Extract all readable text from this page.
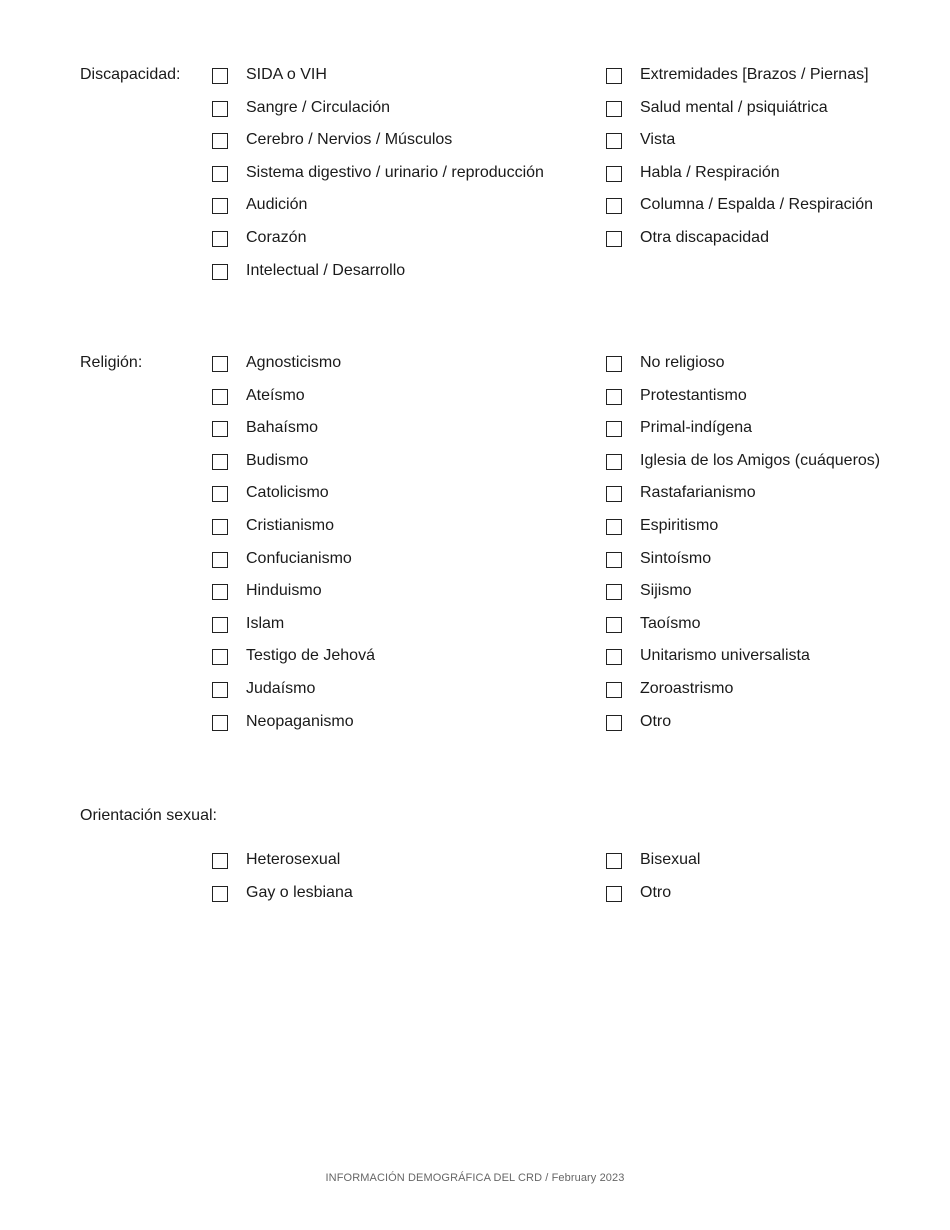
Discapacidad:	SIDA o VIH
Sangre / Circulación
Cerebro / Nervios / Músculos
Sistema digestivo / urinario / reproducción
Audición
Corazón
Intelectual / Desarrollo
Extremidades [Brazos / Piernas]
Salud mental / psiquiátrica
Vista
Habla / Respiración
Columna / Espalda / Respiración
Otra discapacidad
Religión:	Agnosticismo
Ateísmo
Bahaísmo
Budismo
Catolicismo
Cristianismo
Confucianismo
Hinduismo
Islam
Testigo de Jehová
Judaísmo
Neopaganismo
No religioso
Protestantismo
Primal-indígena
Iglesia de los Amigos (cuáqueros)
Rastafarianismo
Espiritismo
Sintoísmo
Sijismo
Taoísmo
Unitarismo universalista
Zoroastrismo
Otro
Orientación sexual:
Heterosexual
Gay o lesbiana
Bisexual
Otro
INFORMACIÓN DEMOGRÁFICA DEL CRD / February 2023
